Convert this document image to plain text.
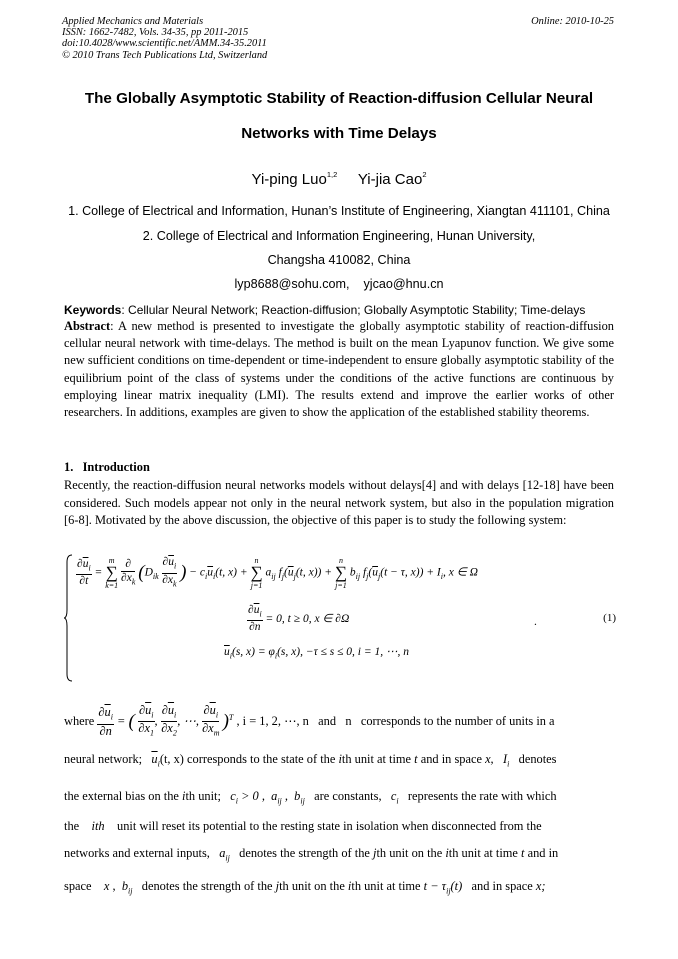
Applied Mechanics and Materials
ISSN: 1662-7482, Vols. 34-35, pp 2011-2015
doi:10.4028/www.scientific.net/AMM.34-35.2011
© 2010 Trans Tech Publications Ltd, Switzerland
Online: 2010-10-25
The Globally Asymptotic Stability of Reaction-diffusion Cellular Neural
Networks with Time Delays
Yi-ping Luo$^{1,2}$ Yi-jia Cao$^2$
1. College of Electrical and Information, Hunan’s Institute of Engineering, Xiangtan 411101, China
2. College of Electrical and Information Engineering, Hunan University,
Changsha 410082, China
lyp8688@sohu.com,    yjcao@hnu.cn
Keywords: Cellular Neural Network; Reaction-diffusion; Globally Asymptotic Stability; Time-delays
Abstract: A new method is presented to investigate the globally asymptotic stability of reaction-diffusion cellular neural network with time-delays. The method is built on the mean Lyapunov function. We give some new sufficient conditions on time-dependent or time-independent to ensure globally asymptotic stability of the equilibrium point of the class of systems under the conditions of the active functions are continuous by employing linear matrix inequality (LMI). The results extend and improve the earlier works of other researchers. In additions, examples are given to show the application of the established stability theorems.
1.   Introduction
Recently, the reaction-diffusion neural networks models without delays[4] and with delays [12-18] have been considered. Such models appear not only in the neural network system, but also in the population migration [6-8]. Motivated by the above discussion, the objective of this paper is to study the following system:
$\frac{\partial\overline{u}_i}{\partial t}$ =
m
∑
k=1
$\frac{\partial}{\partial x_k} (D_{ik} \frac{\partial\overline{u}_i}{\partial x_k}$ ) − $c_i\overline{u}_i(t$, x) +
n
∑
j=1
$a_{ij}$ $f_j(\overline{u}_j(t$, x)) +
n
∑
j=1
$b_{ij}$ $f_j(\overline{u}_j(t - \tau$, $x)) + I_i$, x ∈ Ω
$\frac{\partial\overline{u}_i}{\partial n} = 0$, t ≥ 0, x ∈ ∂Ω
$\overline{u}_i(s$, $x) = \varphi_i(s$, x), −τ ≤ s ≤ 0, i = 1, ⋯, n
.	(1)
where $\frac{\partial\overline{u}_i}{\partial n}$ = ( $\frac{\partial\overline{u}_i}{\partial x_1}$ , $\frac{\partial\overline{u}_i}{\partial x_2}$ , ⋯, $\frac{\partial\overline{u}_i}{\partial x_m} )^T$ , i = 1, 2, ⋯, n   and   n   corresponds to the number of units in a
neural network; $\overline{u}_i(t$, x) corresponds to the state of the ith unit at time t and in space x, $I_i$ denotes
the external bias on the ith unit; $c_i > 0$ ,  $a_{ij}$ ,  $b_{ij}$ are constants, $c_i$ represents the rate with which
the ith unit will reset its potential to the resting state in isolation when disconnected from the
networks and external inputs, $a_{ij}$ denotes the strength of the jth unit on the ith unit at time t and in
space x ,  $b_{ij}$ denotes the strength of the jth unit on the ith unit at time $t - \tau_{ij}(t)$ and in space x;
